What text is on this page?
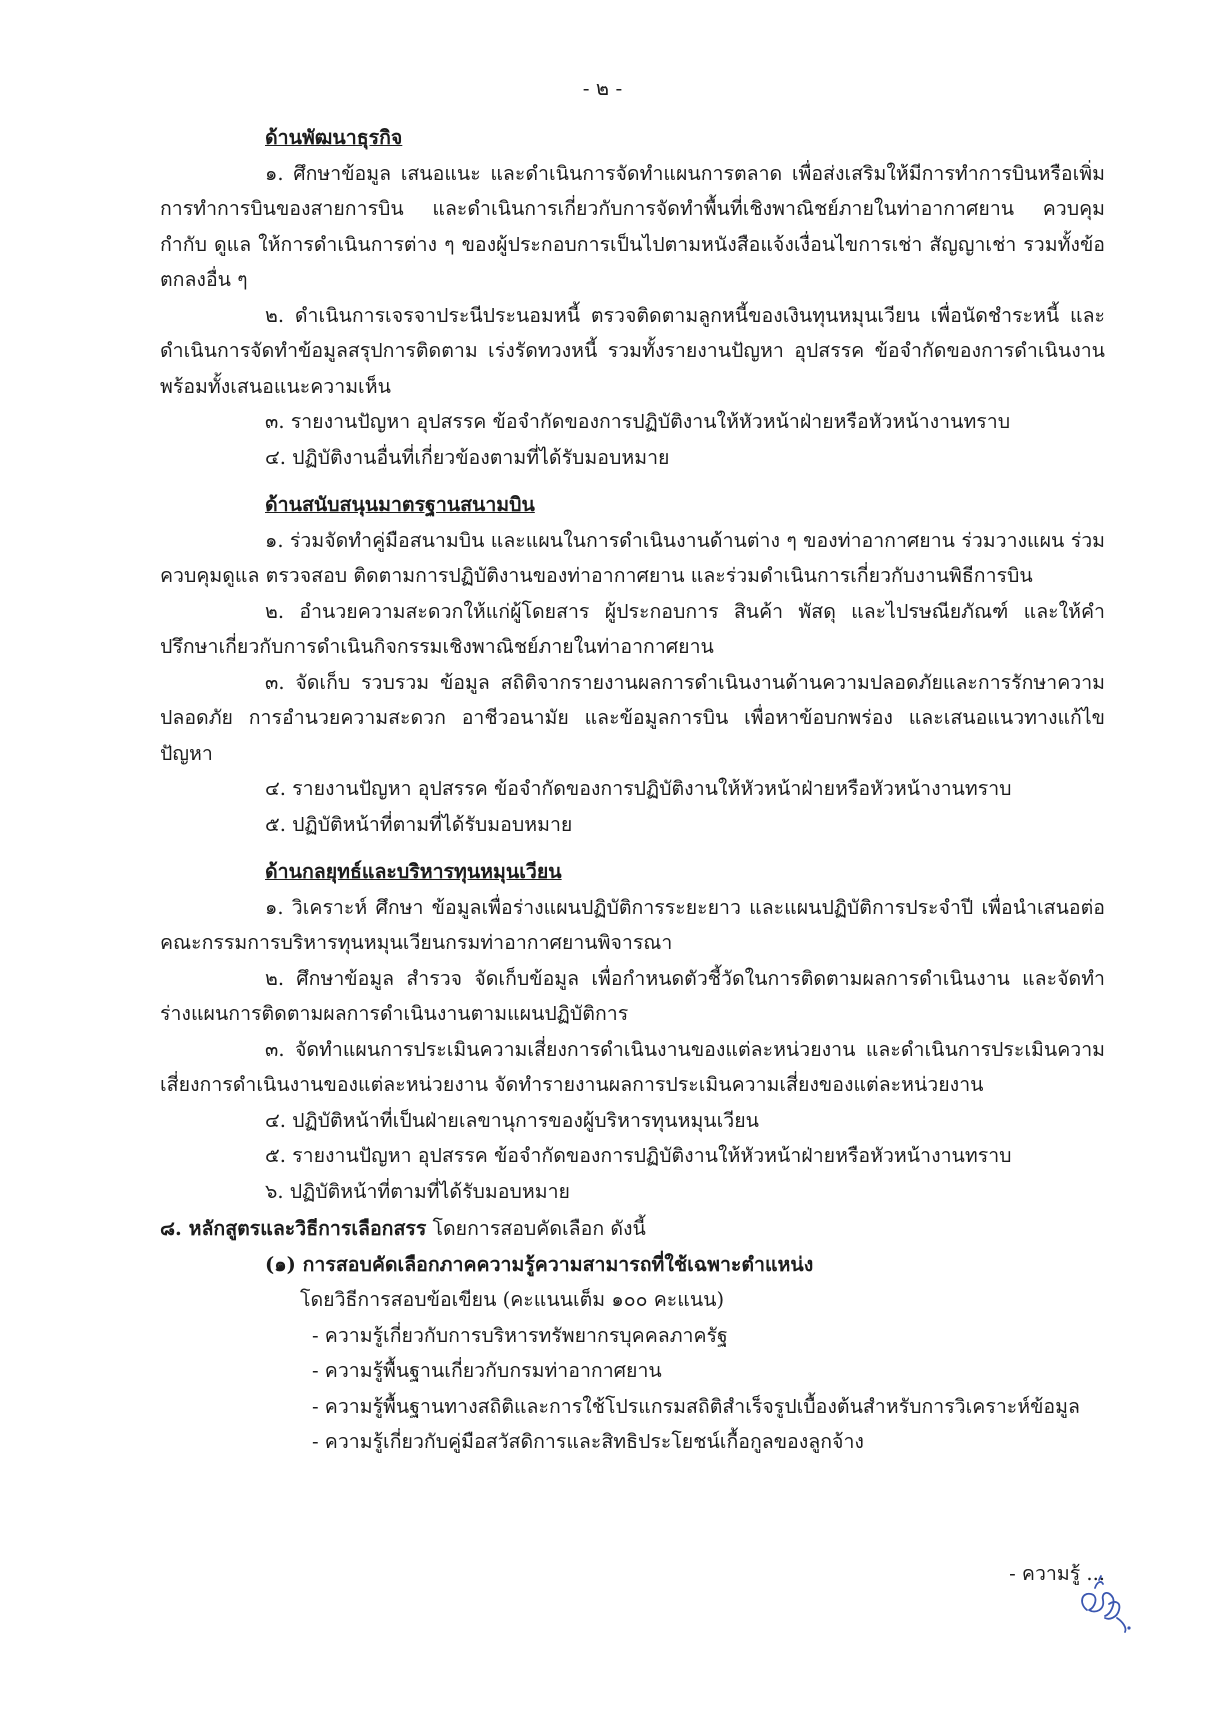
- ๒ -

ด้านพัฒนาธุรกิจ

๑. ศึกษาข้อมูล เสนอแนะ และดำเนินการจัดทำแผนการตลาด เพื่อส่งเสริมให้มีการทำการบินหรือเพิ่มการทำการบินของสายการบิน และดำเนินการเกี่ยวกับการจัดทำพื้นที่เชิงพาณิชย์ภายในท่าอากาศยาน ควบคุม กำกับ ดูแล ให้การดำเนินการต่าง ๆ ของผู้ประกอบการเป็นไปตามหนังสือแจ้งเงื่อนไขการเช่า สัญญาเช่า รวมทั้งข้อตกลงอื่น ๆ

๒. ดำเนินการเจรจาประนีประนอมหนี้ ตรวจติดตามลูกหนี้ของเงินทุนหมุนเวียน เพื่อนัดชำระหนี้ และดำเนินการจัดทำข้อมูลสรุปการติดตาม เร่งรัดทวงหนี้ รวมทั้งรายงานปัญหา อุปสรรค ข้อจำกัดของการดำเนินงาน พร้อมทั้งเสนอแนะความเห็น

๓. รายงานปัญหา อุปสรรค ข้อจำกัดของการปฏิบัติงานให้หัวหน้าฝ่ายหรือหัวหน้างานทราบ

๔. ปฏิบัติงานอื่นที่เกี่ยวข้องตามที่ได้รับมอบหมาย

ด้านสนับสนุนมาตรฐานสนามบิน

๑. ร่วมจัดทำคู่มือสนามบิน และแผนในการดำเนินงานด้านต่าง ๆ ของท่าอากาศยาน ร่วมวางแผน ร่วมควบคุมดูแล ตรวจสอบ ติดตามการปฏิบัติงานของท่าอากาศยาน และร่วมดำเนินการเกี่ยวกับงานพิธีการบิน

๒. อำนวยความสะดวกให้แก่ผู้โดยสาร ผู้ประกอบการ สินค้า พัสดุ และไปรษณียภัณฑ์ และให้คำปรึกษาเกี่ยวกับการดำเนินกิจกรรมเชิงพาณิชย์ภายในท่าอากาศยาน

๓. จัดเก็บ รวบรวม ข้อมูล สถิติจากรายงานผลการดำเนินงานด้านความปลอดภัยและการรักษาความปลอดภัย การอำนวยความสะดวก อาชีวอนามัย และข้อมูลการบิน เพื่อหาข้อบกพร่อง และเสนอแนวทางแก้ไขปัญหา

๔. รายงานปัญหา อุปสรรค ข้อจำกัดของการปฏิบัติงานให้หัวหน้าฝ่ายหรือหัวหน้างานทราบ

๕. ปฏิบัติหน้าที่ตามที่ได้รับมอบหมาย

ด้านกลยุทธ์และบริหารทุนหมุนเวียน

๑. วิเคราะห์ ศึกษา ข้อมูลเพื่อร่างแผนปฏิบัติการระยะยาว และแผนปฏิบัติการประจำปี เพื่อนำเสนอต่อคณะกรรมการบริหารทุนหมุนเวียนกรมท่าอากาศยานพิจารณา

๒. ศึกษาข้อมูล สำรวจ จัดเก็บข้อมูล เพื่อกำหนดตัวชี้วัดในการติดตามผลการดำเนินงาน และจัดทำร่างแผนการติดตามผลการดำเนินงานตามแผนปฏิบัติการ

๓. จัดทำแผนการประเมินความเสี่ยงการดำเนินงานของแต่ละหน่วยงาน และดำเนินการประเมินความเสี่ยงการดำเนินงานของแต่ละหน่วยงาน จัดทำรายงานผลการประเมินความเสี่ยงของแต่ละหน่วยงาน

๔. ปฏิบัติหน้าที่เป็นฝ่ายเลขานุการของผู้บริหารทุนหมุนเวียน

๕. รายงานปัญหา อุปสรรค ข้อจำกัดของการปฏิบัติงานให้หัวหน้าฝ่ายหรือหัวหน้างานทราบ

๖. ปฏิบัติหน้าที่ตามที่ได้รับมอบหมาย

๘. หลักสูตรและวิธีการเลือกสรร โดยการสอบคัดเลือก ดังนี้

(๑) การสอบคัดเลือกภาคความรู้ความสามารถที่ใช้เฉพาะตำแหน่ง

โดยวิธีการสอบข้อเขียน (คะแนนเต็ม ๑๐๐ คะแนน)

- ความรู้เกี่ยวกับการบริหารทรัพยากรบุคคลภาครัฐ

- ความรู้พื้นฐานเกี่ยวกับกรมท่าอากาศยาน

- ความรู้พื้นฐานทางสถิติและการใช้โปรแกรมสถิติสำเร็จรูปเบื้องต้นสำหรับการวิเคราะห์ข้อมูล

- ความรู้เกี่ยวกับคู่มือสวัสดิการและสิทธิประโยชน์เกื้อกูลของลูกจ้าง

- ความรู้ ...
